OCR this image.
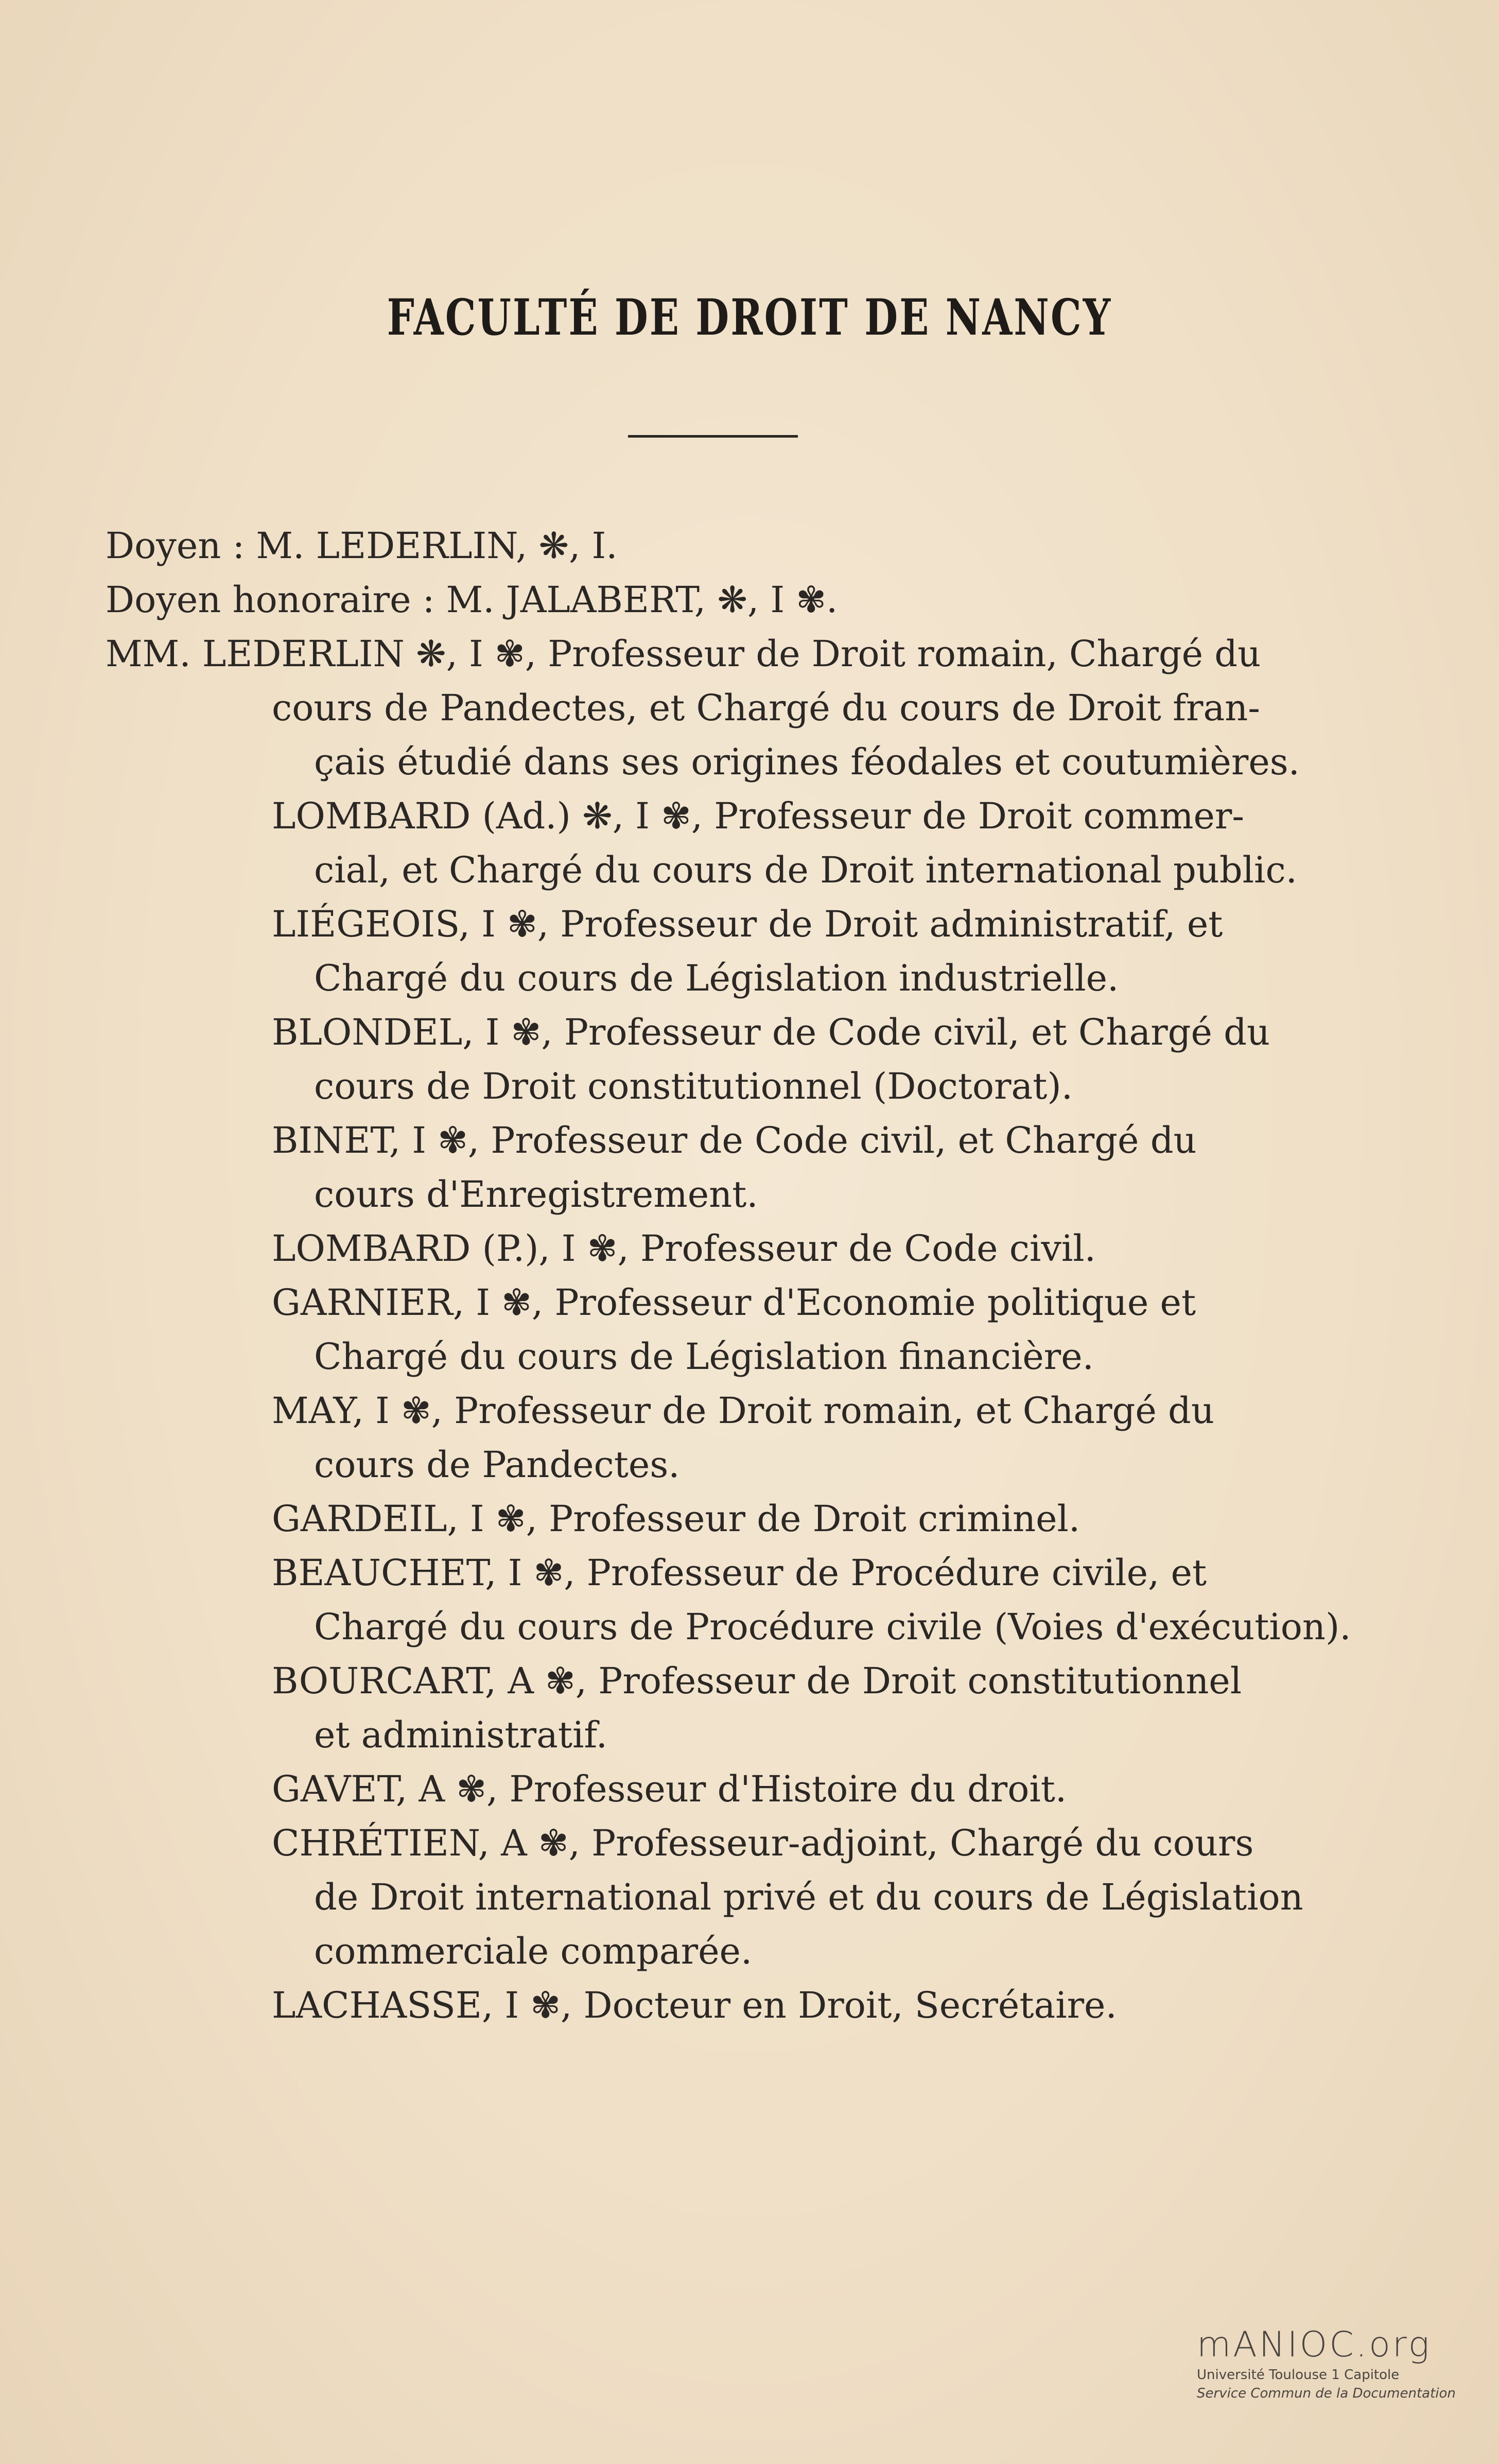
FACULTÉ DE DROIT DE NANCY
Doyen : M. LEDERLIN, ❋, I.
Doyen honoraire : M. JALABERT, ❋, I ✾.
MM. LEDERLIN ❋, I ✾, Professeur de Droit romain, Chargé du
cours de Pandectes, et Chargé du cours de Droit fran-
çais étudié dans ses origines féodales et coutumières.
LOMBARD (Ad.) ❋, I ✾, Professeur de Droit commer-
cial, et Chargé du cours de Droit international public.
LIÉGEOIS, I ✾, Professeur de Droit administratif, et
Chargé du cours de Législation industrielle.
BLONDEL, I ✾, Professeur de Code civil, et Chargé du
cours de Droit constitutionnel (Doctorat).
BINET, I ✾, Professeur de Code civil, et Chargé du
cours d'Enregistrement.
LOMBARD (P.), I ✾, Professeur de Code civil.
GARNIER, I ✾, Professeur d'Economie politique et
Chargé du cours de Législation financière.
MAY, I ✾, Professeur de Droit romain, et Chargé du
cours de Pandectes.
GARDEIL, I ✾, Professeur de Droit criminel.
BEAUCHET, I ✾, Professeur de Procédure civile, et
Chargé du cours de Procédure civile (Voies d'exécution).
BOURCART, A ✾, Professeur de Droit constitutionnel
et administratif.
GAVET, A ✾, Professeur d'Histoire du droit.
CHRÉTIEN, A ✾, Professeur-adjoint, Chargé du cours
de Droit international privé et du cours de Législation
commerciale comparée.
LACHASSE, I ✾, Docteur en Droit, Secrétaire.
mANIOC.org
Université Toulouse 1 Capitole
Service Commun de la Documentation
